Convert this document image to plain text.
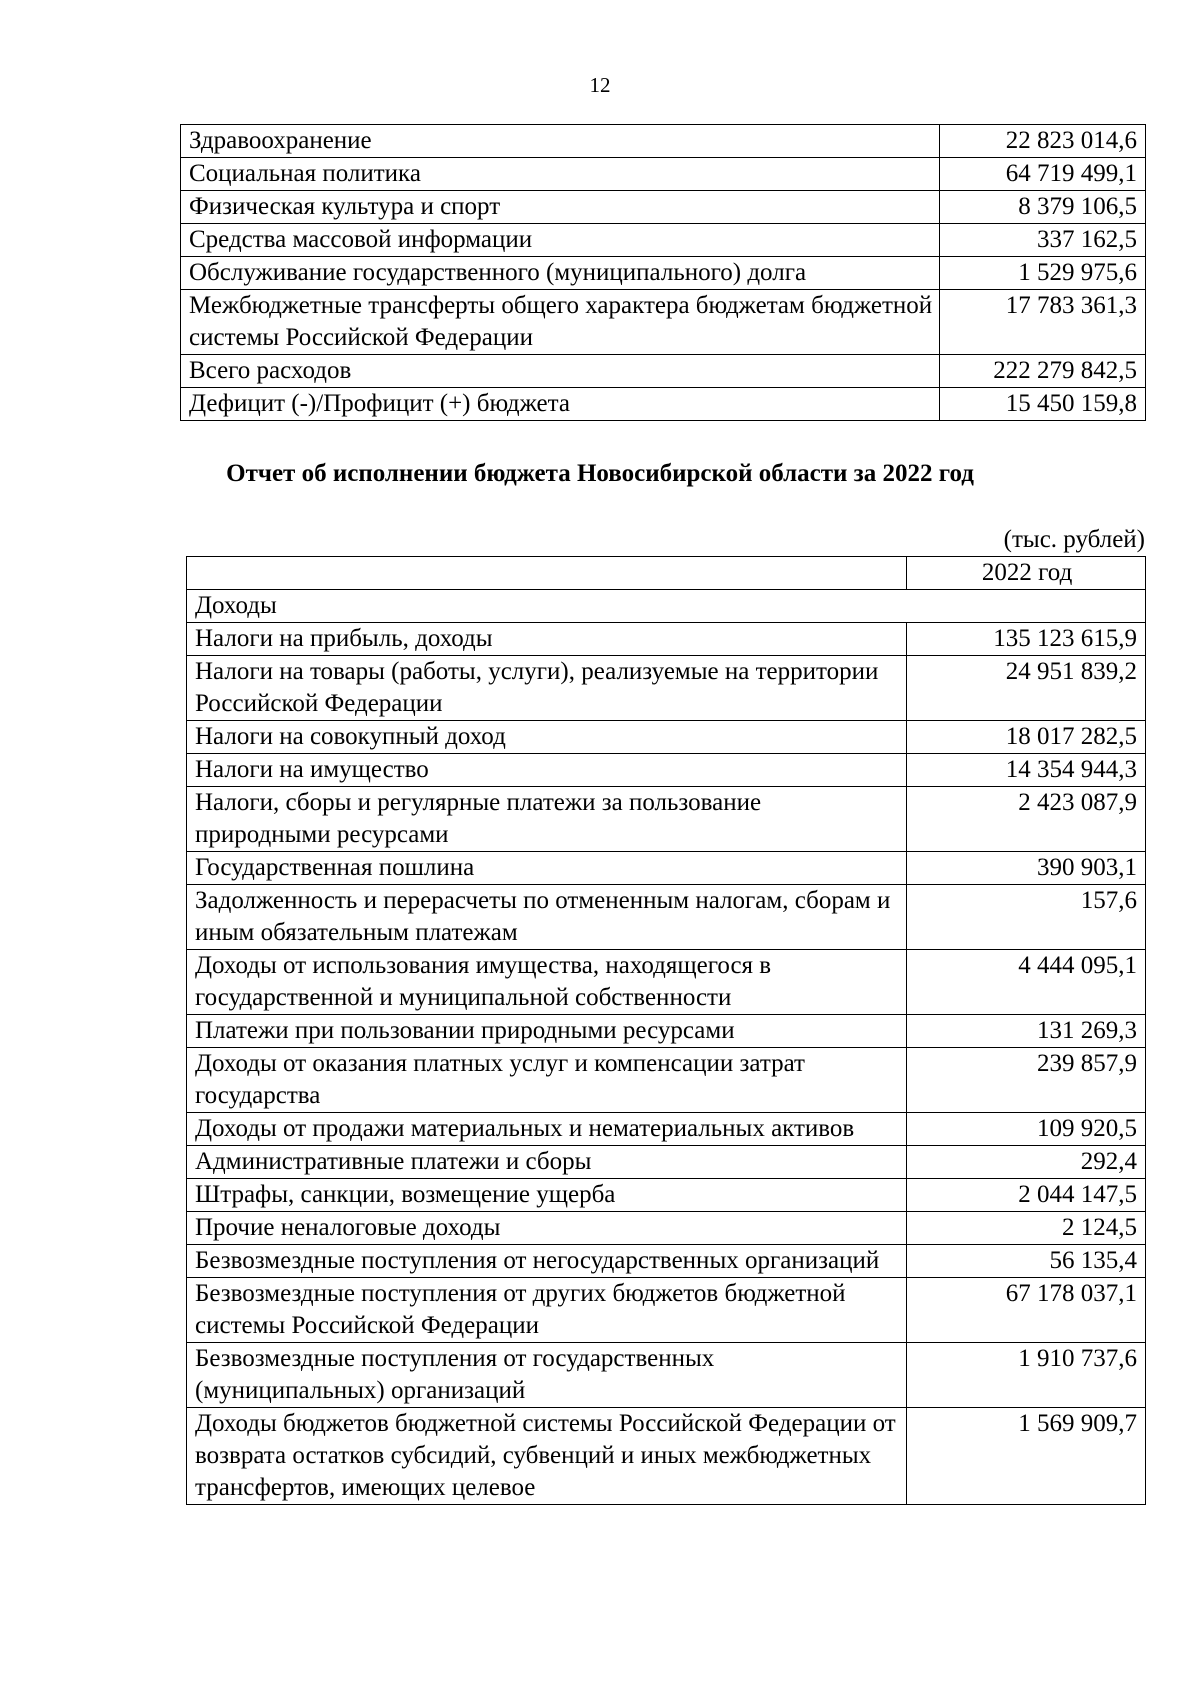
12
Здравоохранение	22 823 014,6
Социальная политика	64 719 499,1
Физическая культура и спорт	8 379 106,5
Средства массовой информации	337 162,5
Обслуживание государственного (муниципального) долга	1 529 975,6
Межбюджетные трансферты общего характера бюджетам бюджетной системы Российской Федерации	17 783 361,3
Всего расходов	222 279 842,5
Дефицит (-)/Профицит (+) бюджета	15 450 159,8
Отчет об исполнении бюджета Новосибирской области за 2022 год
(тыс. рублей)
	2022 год
Доходы	
Налоги на прибыль, доходы	135 123 615,9
Налоги на товары (работы, услуги), реализуемые на территории Российской Федерации	24 951 839,2
Налоги на совокупный доход	18 017 282,5
Налоги на имущество	14 354 944,3
Налоги, сборы и регулярные платежи за пользование природными ресурсами	2 423 087,9
Государственная пошлина	390 903,1
Задолженность и перерасчеты по отмененным налогам, сборам и иным обязательным платежам	157,6
Доходы от использования имущества, находящегося в государственной и муниципальной собственности	4 444 095,1
Платежи при пользовании природными ресурсами	131 269,3
Доходы от оказания платных услуг и компенсации затрат государства	239 857,9
Доходы от продажи материальных и нематериальных активов	109 920,5
Административные платежи и сборы	292,4
Штрафы, санкции, возмещение ущерба	2 044 147,5
Прочие неналоговые доходы	2 124,5
Безвозмездные поступления от негосударственных организаций	56 135,4
Безвозмездные поступления от других бюджетов бюджетной системы Российской Федерации	67 178 037,1
Безвозмездные поступления от государственных (муниципальных) организаций	1 910 737,6
Доходы бюджетов бюджетной системы Российской Федерации от возврата остатков субсидий, субвенций и иных межбюджетных трансфертов, имеющих целевое	1 569 909,7
